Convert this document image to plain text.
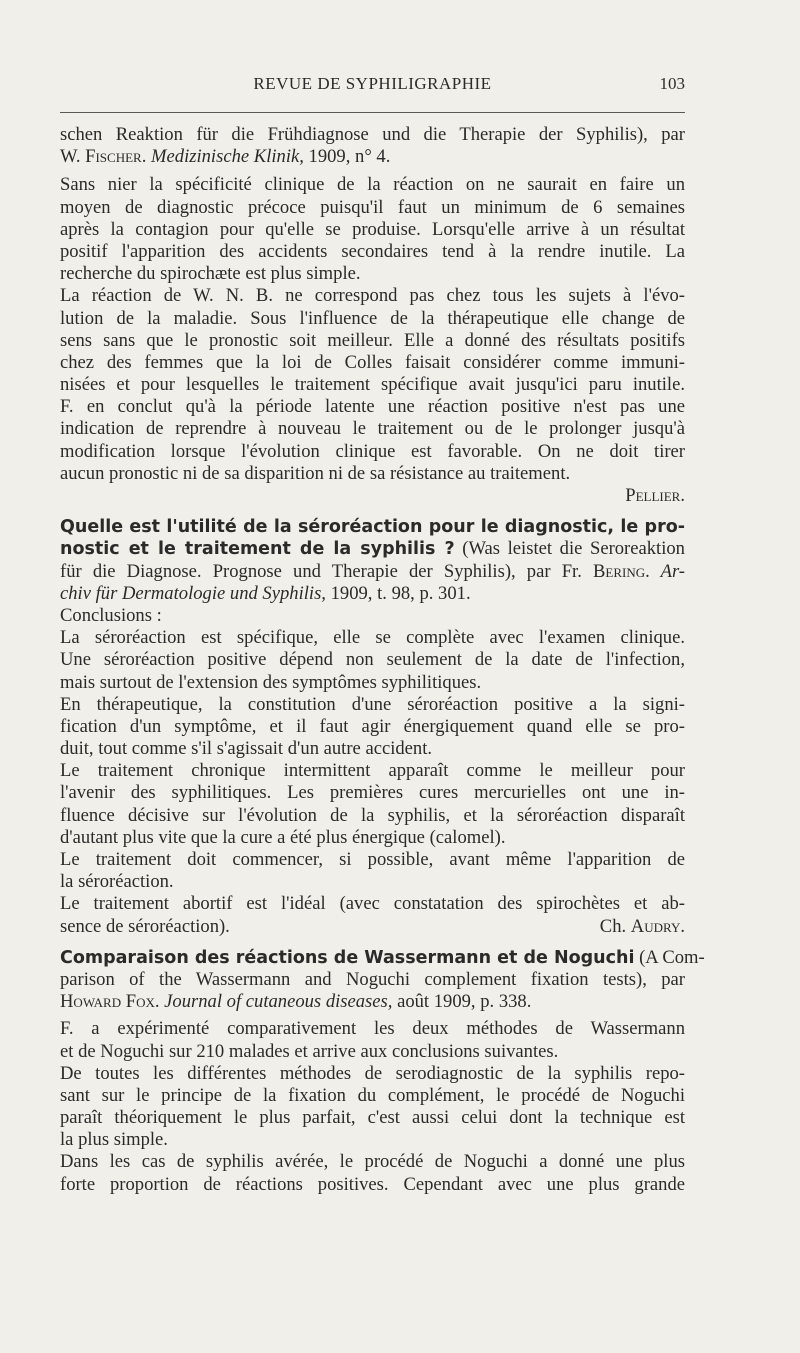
REVUE DE SYPHILIGRAPHIE	103
schen Reaktion für die Frühdiagnose und die Therapie der Syphilis), par
W. Fischer. Medizinische Klinik, 1909, n° 4.
Sans nier la spécificité clinique de la réaction on ne saurait en faire un
moyen de diagnostic précoce puisqu'il faut un minimum de 6 semaines
après la contagion pour qu'elle se produise. Lorsqu'elle arrive à un résultat
positif l'apparition des accidents secondaires tend à la rendre inutile. La
recherche du spirochæte est plus simple.
La réaction de W. N. B. ne correspond pas chez tous les sujets à l'évo-
lution de la maladie. Sous l'influence de la thérapeutique elle change de
sens sans que le pronostic soit meilleur. Elle a donné des résultats positifs
chez des femmes que la loi de Colles faisait considérer comme immuni-
nisées et pour lesquelles le traitement spécifique avait jusqu'ici paru inutile.
F. en conclut qu'à la période latente une réaction positive n'est pas une
indication de reprendre à nouveau le traitement ou de le prolonger jusqu'à
modification lorsque l'évolution clinique est favorable. On ne doit tirer
aucun pronostic ni de sa disparition ni de sa résistance au traitement.
Pellier.
Quelle est l'utilité de la séroréaction pour le diagnostic, le pro-
nostic et le traitement de la syphilis ? (Was leistet die Seroreaktion
für die Diagnose. Prognose und Therapie der Syphilis), par Fr. Bering. Ar-
chiv für Dermatologie und Syphilis, 1909, t. 98, p. 301.
Conclusions :
La séroréaction est spécifique, elle se complète avec l'examen clinique.
Une séroréaction positive dépend non seulement de la date de l'infection,
mais surtout de l'extension des symptômes syphilitiques.
En thérapeutique, la constitution d'une séroréaction positive a la signi-
fication d'un symptôme, et il faut agir énergiquement quand elle se pro-
duit, tout comme s'il s'agissait d'un autre accident.
Le traitement chronique intermittent apparaît comme le meilleur pour
l'avenir des syphilitiques. Les premières cures mercurielles ont une in-
fluence décisive sur l'évolution de la syphilis, et la séroréaction disparaît
d'autant plus vite que la cure a été plus énergique (calomel).
Le traitement doit commencer, si possible, avant même l'apparition de
la séroréaction.
Le traitement abortif est l'idéal (avec constatation des spirochètes et ab-
sence de séroréaction).	Ch. Audry.
Comparaison des réactions de Wassermann et de Noguchi (A Com-
parison of the Wassermann and Noguchi complement fixation tests), par
Howard Fox. Journal of cutaneous diseases, août 1909, p. 338.
F. a expérimenté comparativement les deux méthodes de Wassermann
et de Noguchi sur 210 malades et arrive aux conclusions suivantes.
De toutes les différentes méthodes de serodiagnostic de la syphilis repo-
sant sur le principe de la fixation du complément, le procédé de Noguchi
paraît théoriquement le plus parfait, c'est aussi celui dont la technique est
la plus simple.
Dans les cas de syphilis avérée, le procédé de Noguchi a donné une plus
forte proportion de réactions positives. Cependant avec une plus grande
